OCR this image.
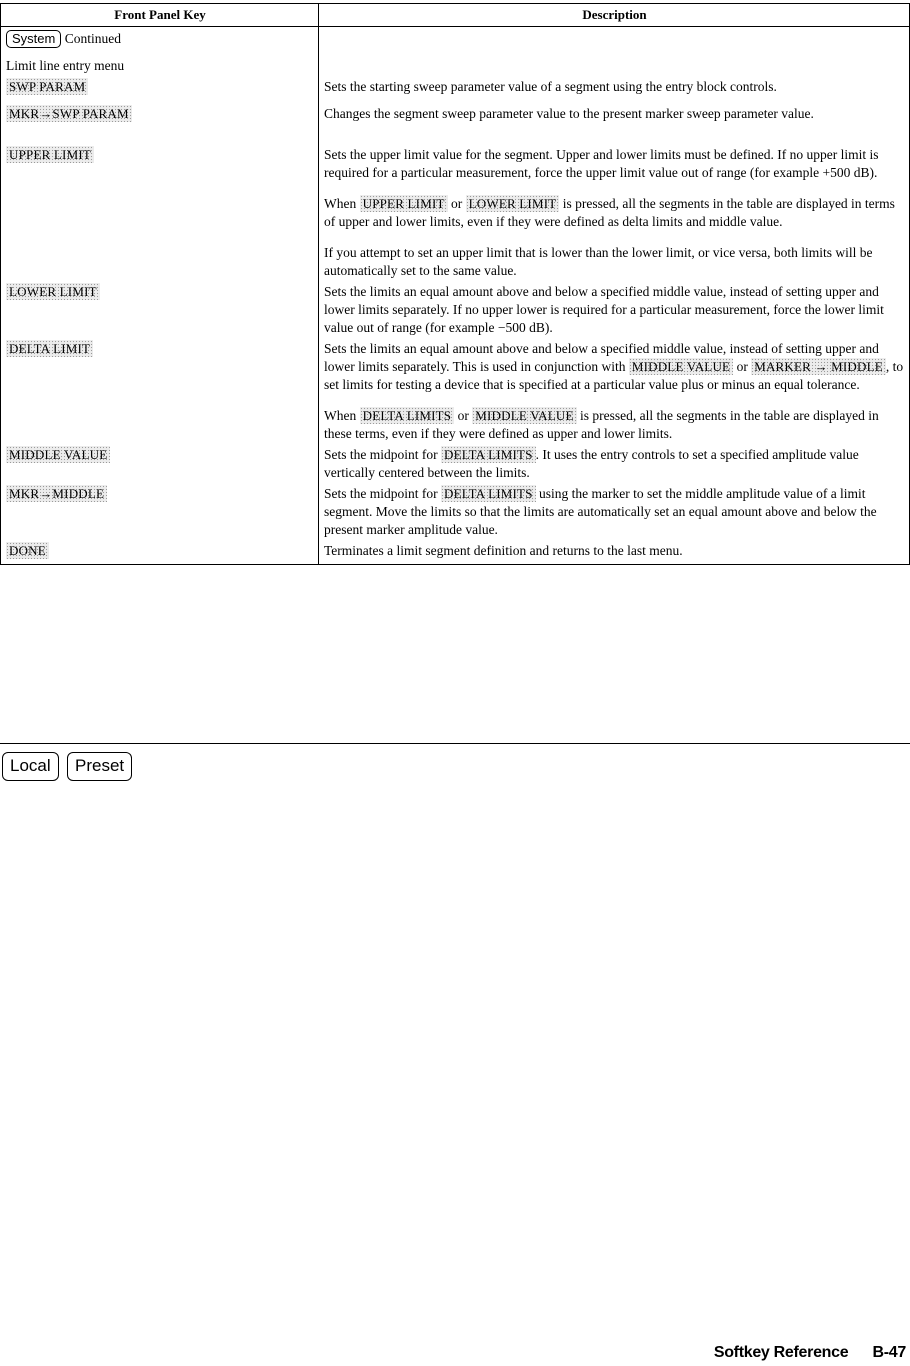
Front Panel Key	Description
System Continued
Limit line entry menu	

SWP PARAM	Sets the starting sweep parameter value of a segment using the entry block controls.

MKR→SWP PARAM	Changes the segment sweep parameter value to the present marker sweep parameter value.

UPPER LIMIT	Sets the upper limit value for the segment. Upper and lower limits must be defined. If no upper limit is required for a particular measurement, force the upper limit value out of range (for example +500 dB).

When UPPER LIMIT or LOWER LIMIT is pressed, all the segments in the table are displayed in terms of upper and lower limits, even if they were defined as delta limits and middle value.

If you attempt to set an upper limit that is lower than the lower limit, or vice versa, both limits will be automatically set to the same value.

LOWER LIMIT	Sets the limits an equal amount above and below a specified middle value, instead of setting upper and lower limits separately. If no upper lower is required for a particular measurement, force the lower limit value out of range (for example −500 dB).

DELTA LIMIT	Sets the limits an equal amount above and below a specified middle value, instead of setting upper and lower limits separately. This is used in conjunction with MIDDLE VALUE or MARKER → MIDDLE , to set limits for testing a device that is specified at a particular value plus or minus an equal tolerance.

When DELTA LIMITS or MIDDLE VALUE is pressed, all the segments in the table are displayed in these terms, even if they were defined as upper and lower limits.

MIDDLE VALUE	Sets the midpoint for DELTA LIMITS . It uses the entry controls to set a specified amplitude value vertically centered between the limits.

MKR→MIDDLE	Sets the midpoint for DELTA LIMITS using the marker to set the middle amplitude value of a limit segment. Move the limits so that the limits are automatically set an equal amount above and below the present marker amplitude value.

DONE	Terminates a limit segment definition and returns to the last menu.

Local Preset
Softkey Reference B-47
